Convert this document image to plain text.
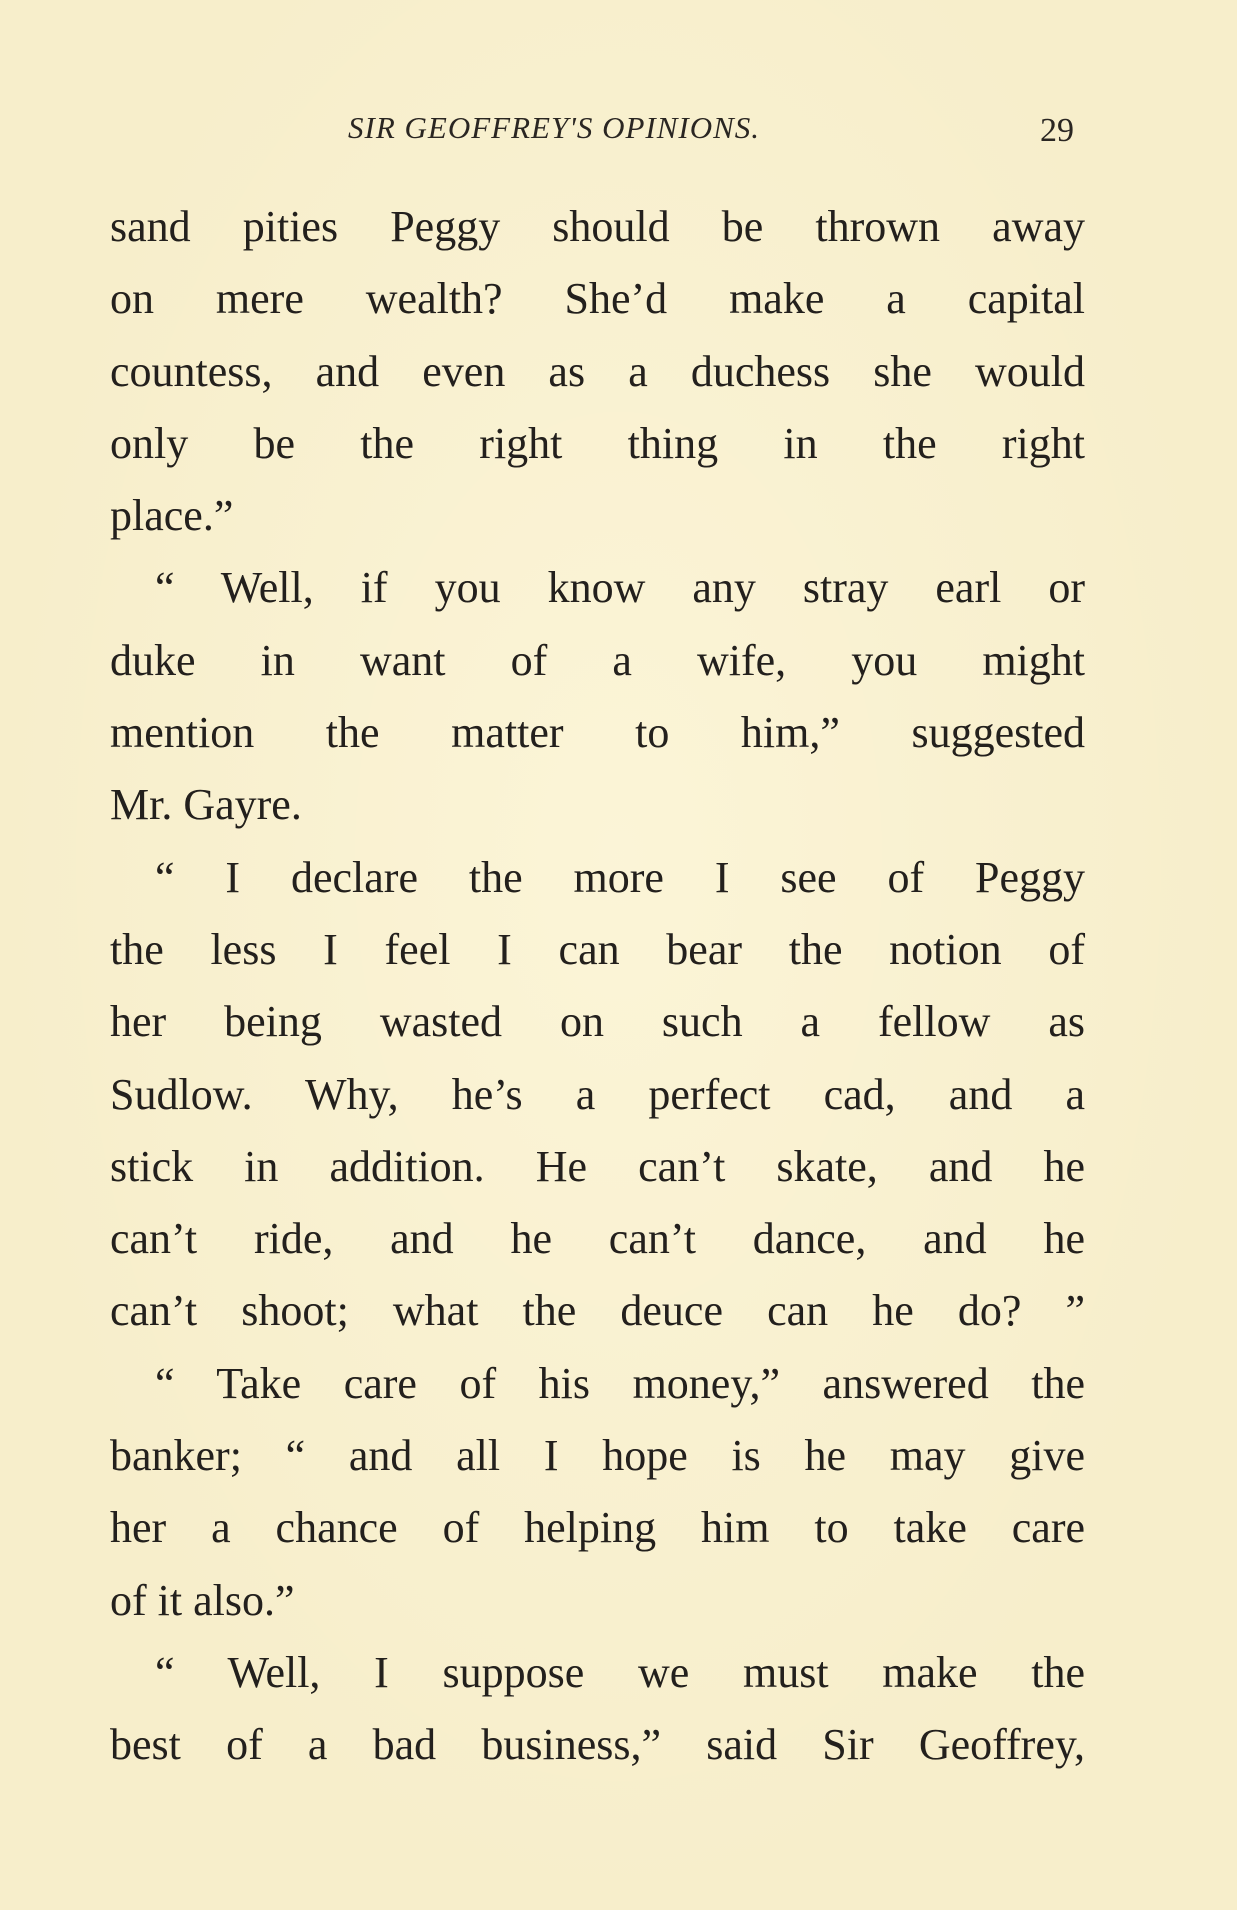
SIR GEOFFREY'S OPINIONS.	29
sand pities Peggy should be thrown away
on mere wealth? She’d make a capital
countess, and even as a duchess she would
only be the right thing in the right
place.”
“ Well, if you know any stray earl or
duke in want of a wife, you might
mention the matter to him,” suggested
Mr. Gayre.
“ I declare the more I see of Peggy
the less I feel I can bear the notion of
her being wasted on such a fellow as
Sudlow. Why, he’s a perfect cad, and a
stick in addition. He can’t skate, and he
can’t ride, and he can’t dance, and he
can’t shoot; what the deuce can he do? ”
“ Take care of his money,” answered the
banker; “ and all I hope is he may give
her a chance of helping him to take care
of it also.”
“ Well, I suppose we must make the
best of a bad business,” said Sir Geoffrey,
